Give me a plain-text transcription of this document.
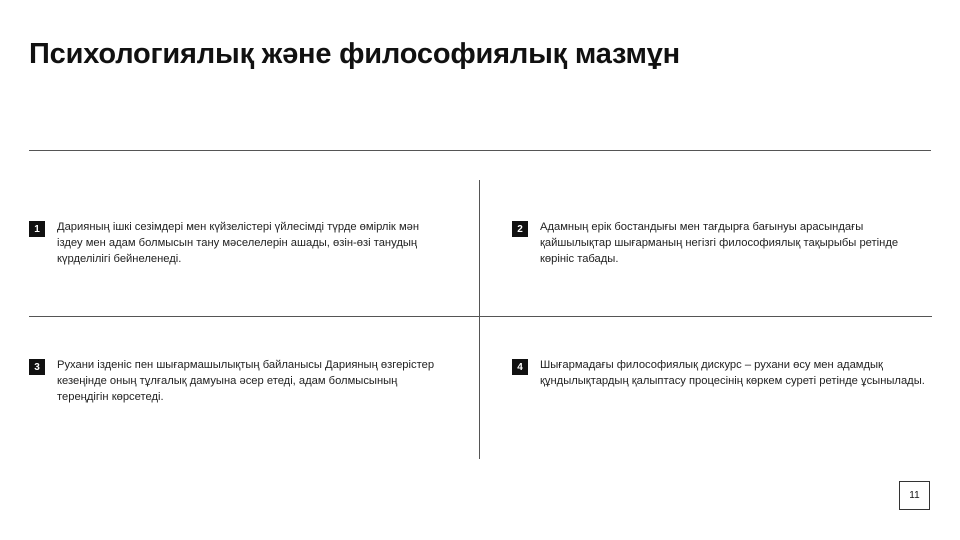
Психологиялық және философиялық мазмұн
1	Дарияның ішкі сезімдері мен күйзелістері үйлесімді түрде өмірлік мән іздеу мен адам болмысын тану мәселелерін ашады, өзін-өзі танудың күрделілігі бейнеленеді.
2	Адамның ерік бостандығы мен тағдырға бағынуы арасындағы қайшылықтар шығарманың негізгі философиялық тақырыбы ретінде көрініс табады.
3	Рухани ізденіс пен шығармашылықтың байланысы Дарияның өзгерістер кезеңінде оның тұлғалық дамуына әсер етеді, адам болмысының тереңдігін көрсетеді.
4	Шығармадағы философиялық дискурс – рухани өсу мен адамдық құндылықтардың қалыптасу процесінің көркем суреті ретінде ұсынылады.
11
